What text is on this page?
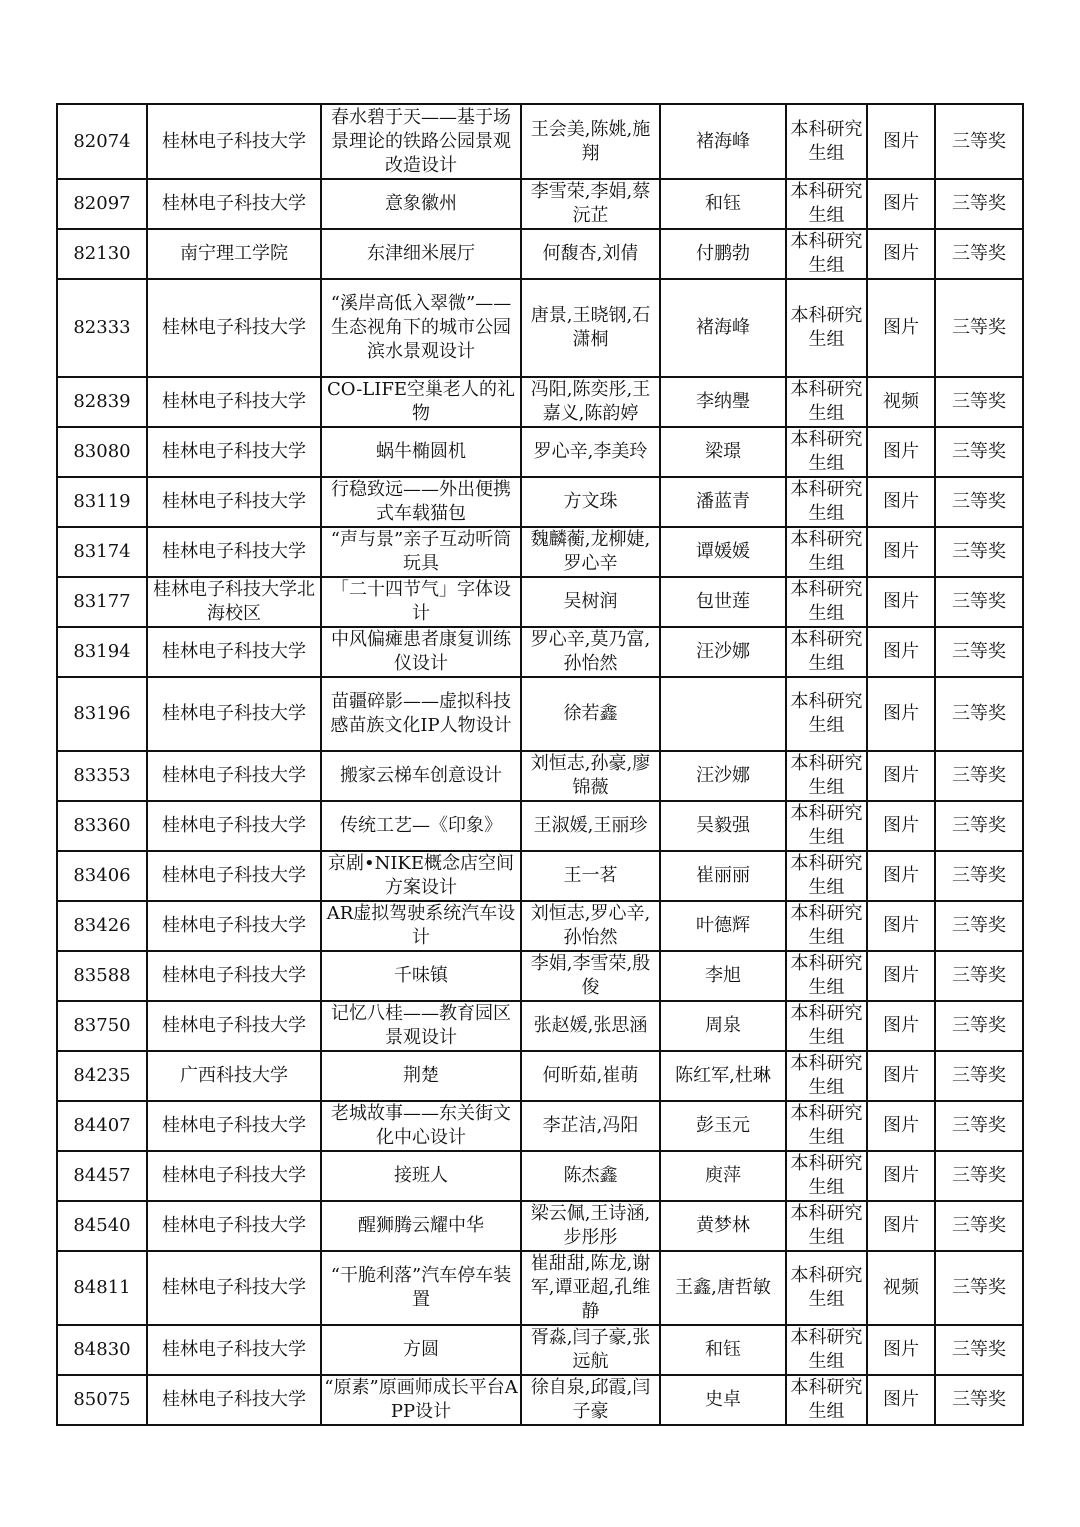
82074	桂林电子科技大学	春水碧于天——基于场景理论的铁路公园景观改造设计	王会美,陈姚,施翔	褚海峰	本科研究生组	图片	三等奖
82097	桂林电子科技大学	意象徽州	李雪荣,李娟,蔡沅芷	和钰	本科研究生组	图片	三等奖
82130	南宁理工学院	东津细米展厅	何馥杏,刘倩	付鹏勃	本科研究生组	图片	三等奖
82333	桂林电子科技大学	“溪岸高低入翠微”——生态视角下的城市公园滨水景观设计	唐景,王晓钢,石潇桐	褚海峰	本科研究生组	图片	三等奖
82839	桂林电子科技大学	CO-LIFE空巢老人的礼物	冯阳,陈奕彤,王嘉义,陈韵婷	李纳璺	本科研究生组	视频	三等奖
83080	桂林电子科技大学	蜗牛椭圆机	罗心辛,李美玲	梁璟	本科研究生组	图片	三等奖
83119	桂林电子科技大学	行稳致远——外出便携式车载猫包	方文珠	潘蓝青	本科研究生组	图片	三等奖
83174	桂林电子科技大学	“声与景”亲子互动听筒玩具	魏麟蘅,龙柳婕,罗心辛	谭媛媛	本科研究生组	图片	三等奖
83177	桂林电子科技大学北海校区	「二十四节气」字体设计	吴树润	包世莲	本科研究生组	图片	三等奖
83194	桂林电子科技大学	中风偏瘫患者康复训练仪设计	罗心辛,莫乃富,孙怡然	汪沙娜	本科研究生组	图片	三等奖
83196	桂林电子科技大学	苗疆碎影——虚拟科技感苗族文化IP人物设计	徐若鑫		本科研究生组	图片	三等奖
83353	桂林电子科技大学	搬家云梯车创意设计	刘恒志,孙豪,廖锦薇	汪沙娜	本科研究生组	图片	三等奖
83360	桂林电子科技大学	传统工艺—《印象》	王淑媛,王丽珍	吴毅强	本科研究生组	图片	三等奖
83406	桂林电子科技大学	京剧•NIKE概念店空间方案设计	王一茗	崔丽丽	本科研究生组	图片	三等奖
83426	桂林电子科技大学	AR虚拟驾驶系统汽车设计	刘恒志,罗心辛,孙怡然	叶德辉	本科研究生组	图片	三等奖
83588	桂林电子科技大学	千味镇	李娟,李雪荣,殷俊	李旭	本科研究生组	图片	三等奖
83750	桂林电子科技大学	记忆八桂——教育园区景观设计	张赵媛,张思涵	周泉	本科研究生组	图片	三等奖
84235	广西科技大学	荆楚	何昕茹,崔萌	陈红军,杜琳	本科研究生组	图片	三等奖
84407	桂林电子科技大学	老城故事——东关街文化中心设计	李芷洁,冯阳	彭玉元	本科研究生组	图片	三等奖
84457	桂林电子科技大学	接班人	陈杰鑫	庾萍	本科研究生组	图片	三等奖
84540	桂林电子科技大学	醒狮腾云耀中华	梁云佩,王诗涵,步彤彤	黄梦林	本科研究生组	图片	三等奖
84811	桂林电子科技大学	“干脆利落”汽车停车装置	崔甜甜,陈龙,谢军,谭亚超,孔维静	王鑫,唐哲敏	本科研究生组	视频	三等奖
84830	桂林电子科技大学	方圆	胥淼,闫子豪,张远航	和钰	本科研究生组	图片	三等奖
85075	桂林电子科技大学	“原素”原画师成长平台APP设计	徐自泉,邱霞,闫子豪	史卓	本科研究生组	图片	三等奖
